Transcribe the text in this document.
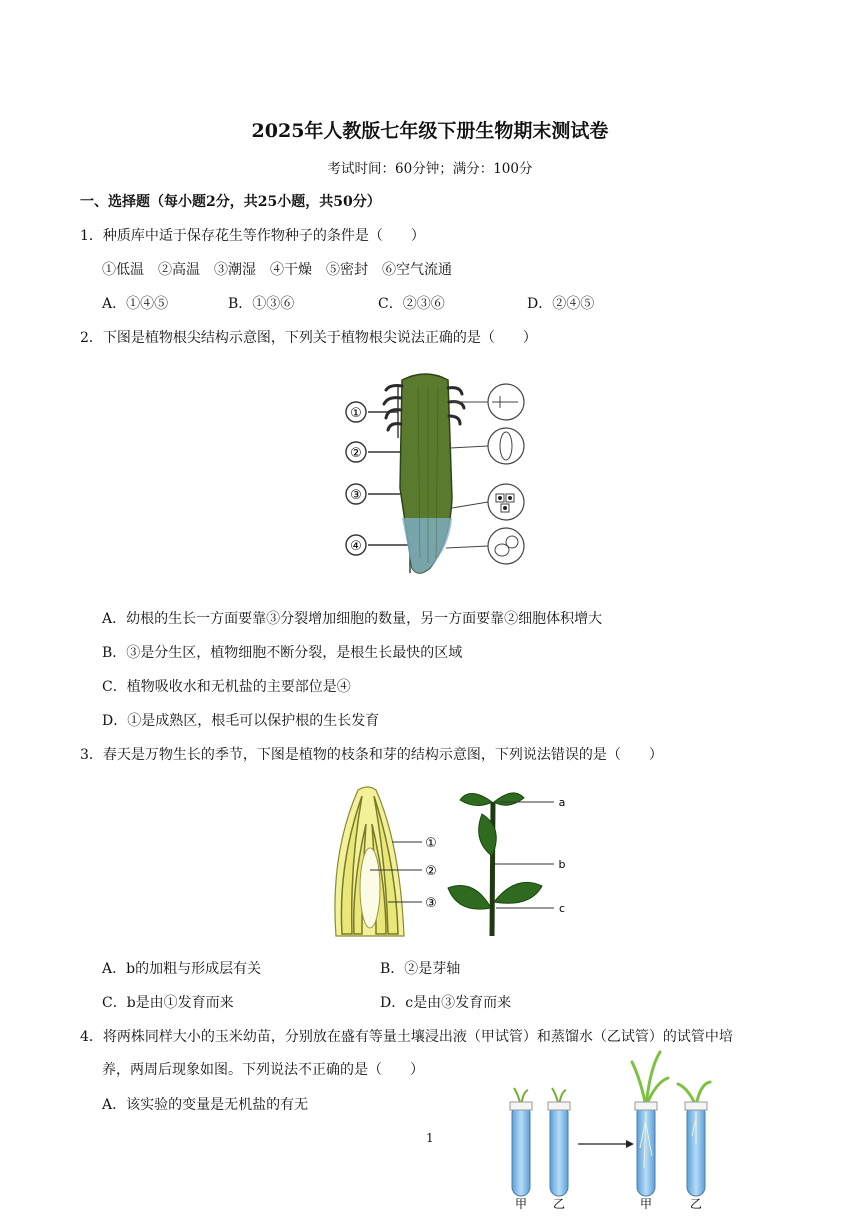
2025年人教版七年级下册生物期末测试卷
考试时间：60分钟；满分：100分
一、选择题（每小题2分，共25小题，共50分）
1．种质库中适于保存花生等作物种子的条件是（　　）
①低温　②高温　③潮湿　④干燥　⑤密封　⑥空气流通
A．①④⑤	B．①③⑥	C．②③⑥	D．②④⑤
2．下图是植物根尖结构示意图，下列关于植物根尖说法正确的是（　　）
①
②
③
④
A．幼根的生长一方面要靠③分裂增加细胞的数量，另一方面要靠②细胞体积增大
B．③是分生区，植物细胞不断分裂，是根生长最快的区域
C．植物吸收水和无机盐的主要部位是④
D．①是成熟区，根毛可以保护根的生长发育
3．春天是万物生长的季节，下图是植物的枝条和芽的结构示意图，下列说法错误的是（　　）
①
②
③
a
b
c
A．b的加粗与形成层有关	B．②是芽轴
C．b是由①发育而来	D．c是由③发育而来
4．将两株同样大小的玉米幼苗，分别放在盛有等量土壤浸出液（甲试管）和蒸馏水（乙试管）的试管中培
养，两周后现象如图。下列说法不正确的是（　　）
A．该实验的变量是无机盐的有无
甲 乙	甲	乙
1
